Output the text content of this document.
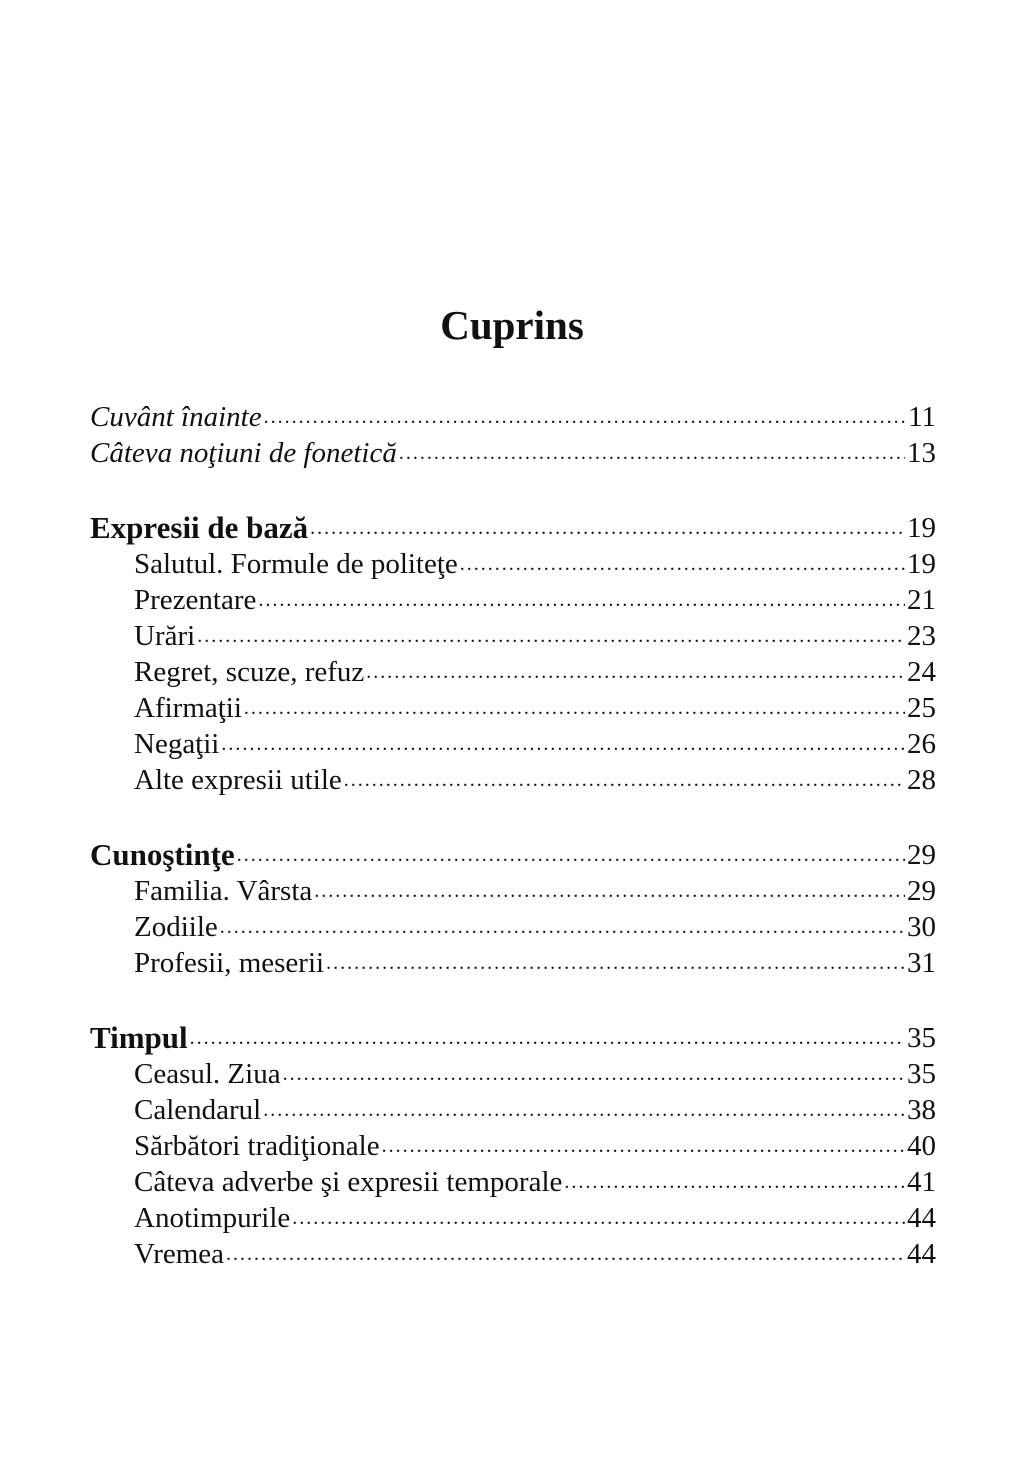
Cuprins
Cuvânt înainte . . .	11
Câteva noţiuni de fonetică . . .	13
Expresii de bază . . .	19
Salutul. Formule de politeţe . . .	19
Prezentare . . .	21
Urări . . .	23
Regret, scuze, refuz . . .	24
Afirmaţii . . .	25
Negaţii . . .	26
Alte expresii utile . . .	28
Cunoştinţe . . .	29
Familia. Vârsta . . .	29
Zodiile . . .	30
Profesii, meserii . . .	31
Timpul . . .	35
Ceasul. Ziua . . .	35
Calendarul . . .	38
Sărbători tradiţionale . . .	40
Câteva adverbe şi expresii temporale . . .	41
Anotimpurile . . .	44
Vremea . . .	44
